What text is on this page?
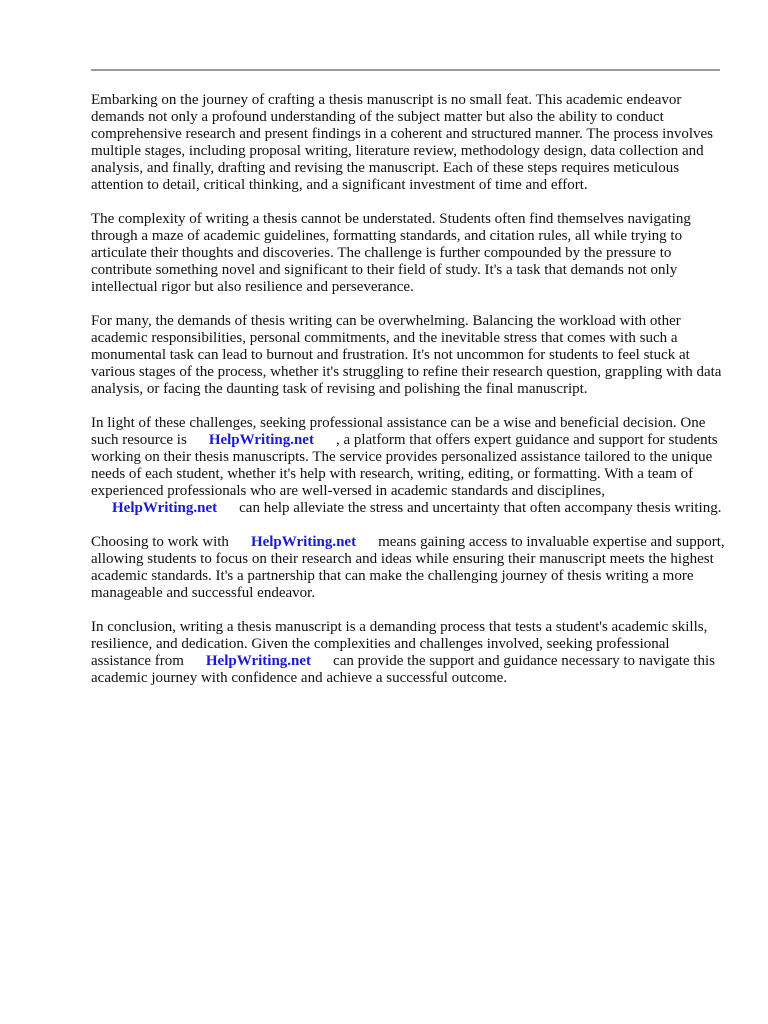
Embarking on the journey of crafting a thesis manuscript is no small feat. This academic endeavor demands not only a profound understanding of the subject matter but also the ability to conduct comprehensive research and present findings in a coherent and structured manner. The process involves multiple stages, including proposal writing, literature review, methodology design, data collection and analysis, and finally, drafting and revising the manuscript. Each of these steps requires meticulous attention to detail, critical thinking, and a significant investment of time and effort.

The complexity of writing a thesis cannot be understated. Students often find themselves navigating through a maze of academic guidelines, formatting standards, and citation rules, all while trying to articulate their thoughts and discoveries. The challenge is further compounded by the pressure to contribute something novel and significant to their field of study. It's a task that demands not only intellectual rigor but also resilience and perseverance.

For many, the demands of thesis writing can be overwhelming. Balancing the workload with other academic responsibilities, personal commitments, and the inevitable stress that comes with such a monumental task can lead to burnout and frustration. It's not uncommon for students to feel stuck at various stages of the process, whether it's struggling to refine their research question, grappling with data analysis, or facing the daunting task of revising and polishing the final manuscript.

In light of these challenges, seeking professional assistance can be a wise and beneficial decision. One such resource is HelpWriting.net , a platform that offers expert guidance and support for students working on their thesis manuscripts. The service provides personalized assistance tailored to the unique needs of each student, whether it's help with research, writing, editing, or formatting. With a team of experienced professionals who are well-versed in academic standards and disciplines,
HelpWriting.net can help alleviate the stress and uncertainty that often accompany thesis writing.

Choosing to work with HelpWriting.net means gaining access to invaluable expertise and support, allowing students to focus on their research and ideas while ensuring their manuscript meets the highest academic standards. It's a partnership that can make the challenging journey of thesis writing a more manageable and successful endeavor.

In conclusion, writing a thesis manuscript is a demanding process that tests a student's academic skills, resilience, and dedication. Given the complexities and challenges involved, seeking professional assistance from HelpWriting.net can provide the support and guidance necessary to navigate this academic journey with confidence and achieve a successful outcome.
